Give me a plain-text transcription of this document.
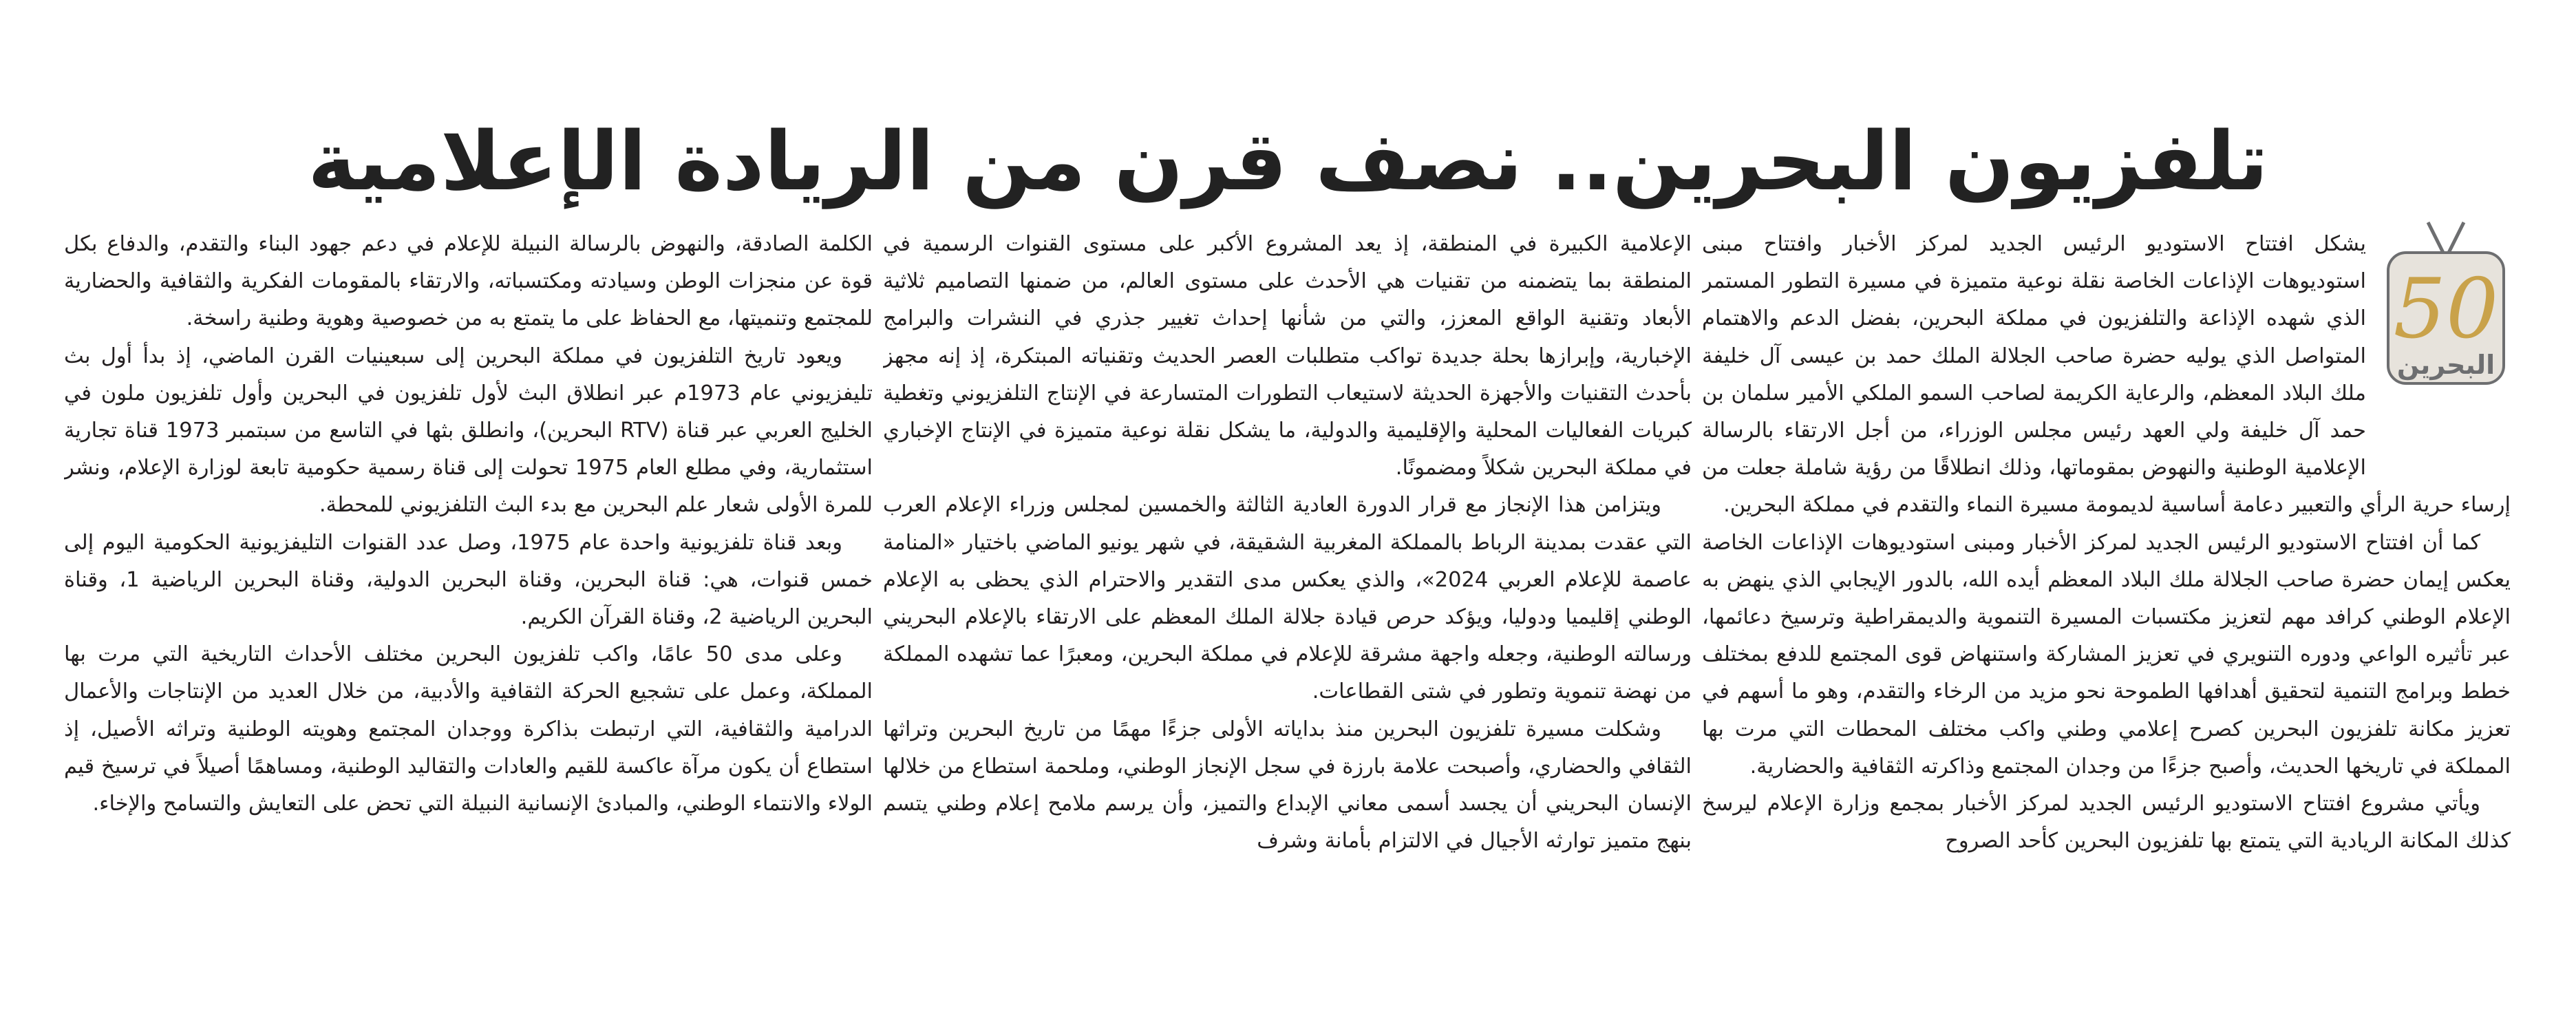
تلفزيون البحرين.. نصف قرن من الريادة الإعلامية
50
البحرين

يشكل افتتاح الاستوديو الرئيس الجديد لمركز الأخبار وافتتاح مبنى استوديوهات الإذاعات الخاصة نقلة نوعية متميزة في مسيرة التطور المستمر الذي شهده الإذاعة والتلفزيون في مملكة البحرين، بفضل الدعم والاهتمام المتواصل الذي يوليه حضرة صاحب الجلالة الملك حمد بن عيسى آل خليفة ملك البلاد المعظم، والرعاية الكريمة لصاحب السمو الملكي الأمير سلمان بن حمد آل خليفة ولي العهد رئيس مجلس الوزراء، من أجل الارتقاء بالرسالة الإعلامية الوطنية والنهوض بمقوماتها، وذلك انطلاقًا من رؤية شاملة جعلت من إرساء حرية الرأي والتعبير دعامة أساسية لديمومة مسيرة النماء والتقدم في مملكة البحرين.

كما أن افتتاح الاستوديو الرئيس الجديد لمركز الأخبار ومبنى استوديوهات الإذاعات الخاصة يعكس إيمان حضرة صاحب الجلالة ملك البلاد المعظم أيده الله، بالدور الإيجابي الذي ينهض به الإعلام الوطني كرافد مهم لتعزيز مكتسبات المسيرة التنموية والديمقراطية وترسيخ دعائمها، عبر تأثيره الواعي ودوره التنويري في تعزيز المشاركة واستنهاض قوى المجتمع للدفع بمختلف خطط وبرامج التنمية لتحقيق أهدافها الطموحة نحو مزيد من الرخاء والتقدم، وهو ما أسهم في تعزيز مكانة تلفزيون البحرين كصرح إعلامي وطني واكب مختلف المحطات التي مرت بها المملكة في تاريخها الحديث، وأصبح جزءًا من وجدان المجتمع وذاكرته الثقافية والحضارية.

ويأتي مشروع افتتاح الاستوديو الرئيس الجديد لمركز الأخبار بمجمع وزارة الإعلام ليرسخ كذلك المكانة الريادية التي يتمتع بها تلفزيون البحرين كأحد الصروح

الإعلامية الكبيرة في المنطقة، إذ يعد المشروع الأكبر على مستوى القنوات الرسمية في المنطقة بما يتضمنه من تقنيات هي الأحدث على مستوى العالم، من ضمنها التصاميم ثلاثية الأبعاد وتقنية الواقع المعزز، والتي من شأنها إحداث تغيير جذري في النشرات والبرامج الإخبارية، وإبرازها بحلة جديدة تواكب متطلبات العصر الحديث وتقنياته المبتكرة، إذ إنه مجهز بأحدث التقنيات والأجهزة الحديثة لاستيعاب التطورات المتسارعة في الإنتاج التلفزيوني وتغطية كبريات الفعاليات المحلية والإقليمية والدولية، ما يشكل نقلة نوعية متميزة في الإنتاج الإخباري في مملكة البحرين شكلاً ومضمونًا.

ويتزامن هذا الإنجاز مع قرار الدورة العادية الثالثة والخمسين لمجلس وزراء الإعلام العرب التي عقدت بمدينة الرباط بالمملكة المغربية الشقيقة، في شهر يونيو الماضي باختيار «المنامة عاصمة للإعلام العربي 2024»، والذي يعكس مدى التقدير والاحترام الذي يحظى به الإعلام الوطني إقليميا ودوليا، ويؤكد حرص قيادة جلالة الملك المعظم على الارتقاء بالإعلام البحريني ورسالته الوطنية، وجعله واجهة مشرقة للإعلام في مملكة البحرين، ومعبرًا عما تشهده المملكة من نهضة تنموية وتطور في شتى القطاعات.

وشكلت مسيرة تلفزيون البحرين منذ بداياته الأولى جزءًا مهمًا من تاريخ البحرين وتراثها الثقافي والحضاري، وأصبحت علامة بارزة في سجل الإنجاز الوطني، وملحمة استطاع من خلالها الإنسان البحريني أن يجسد أسمى معاني الإبداع والتميز، وأن يرسم ملامح إعلام وطني يتسم بنهج متميز توارثه الأجيال في الالتزام بأمانة وشرف

الكلمة الصادقة، والنهوض بالرسالة النبيلة للإعلام في دعم جهود البناء والتقدم، والدفاع بكل قوة عن منجزات الوطن وسيادته ومكتسباته، والارتقاء بالمقومات الفكرية والثقافية والحضارية للمجتمع وتنميتها، مع الحفاظ على ما يتمتع به من خصوصية وهوية وطنية راسخة.

ويعود تاريخ التلفزيون في مملكة البحرين إلى سبعينيات القرن الماضي، إذ بدأ أول بث تليفزيوني عام 1973م عبر انطلاق البث لأول تلفزيون في البحرين وأول تلفزيون ملون في الخليج العربي عبر قناة (RTV البحرين)، وانطلق بثها في التاسع من سبتمبر 1973 قناة تجارية استثمارية، وفي مطلع العام 1975 تحولت إلى قناة رسمية حكومية تابعة لوزارة الإعلام، ونشر للمرة الأولى شعار علم البحرين مع بدء البث التلفزيوني للمحطة.

وبعد قناة تلفزيونية واحدة عام 1975، وصل عدد القنوات التليفزيونية الحكومية اليوم إلى خمس قنوات، هي: قناة البحرين، وقناة البحرين الدولية، وقناة البحرين الرياضية 1، وقناة البحرين الرياضية 2، وقناة القرآن الكريم.

وعلى مدى 50 عامًا، واكب تلفزيون البحرين مختلف الأحداث التاريخية التي مرت بها المملكة، وعمل على تشجيع الحركة الثقافية والأدبية، من خلال العديد من الإنتاجات والأعمال الدرامية والثقافية، التي ارتبطت بذاكرة ووجدان المجتمع وهويته الوطنية وتراثه الأصيل، إذ استطاع أن يكون مرآة عاكسة للقيم والعادات والتقاليد الوطنية، ومساهمًا أصيلاً في ترسيخ قيم الولاء والانتماء الوطني، والمبادئ الإنسانية النبيلة التي تحض على التعايش والتسامح والإخاء.
